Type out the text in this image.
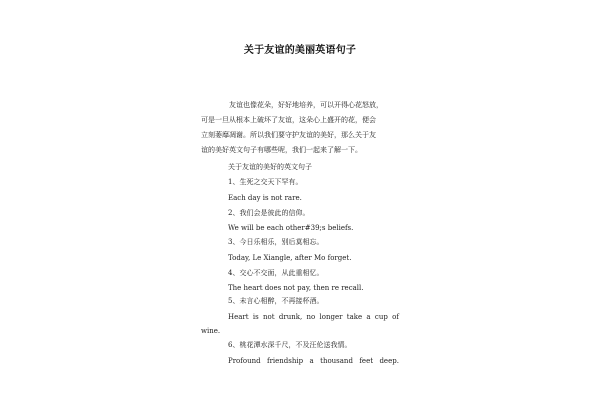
关于友谊的美丽英语句子
友谊也像花朵，好好地培养，可以开得心花怒放，
可是一旦从根本上破坏了友谊，这朵心上盛开的花，便会
立刻萎靡凋谢。所以我们要守护友谊的美好，那么关于友
谊的美好英文句子有哪些呢，我们一起来了解一下。
关于友谊的美好的英文句子
1、生死之交天下罕有。
Each day is not rare.
2、我们会是彼此的信仰。
We will be each other#39;s beliefs.
3、今日乐相乐，别后莫相忘。
Today, Le Xiangle, after Mo forget.
4、交心不交面，从此重相忆。
The heart does not pay, then re recall.
5、未言心相醉，不再接杯酒。
Heart is not drunk, no longer take a cup of
wine.
6、桃花潭水深千尺，不及汪伦送我情。
Profound friendship a thousand feet deep.
